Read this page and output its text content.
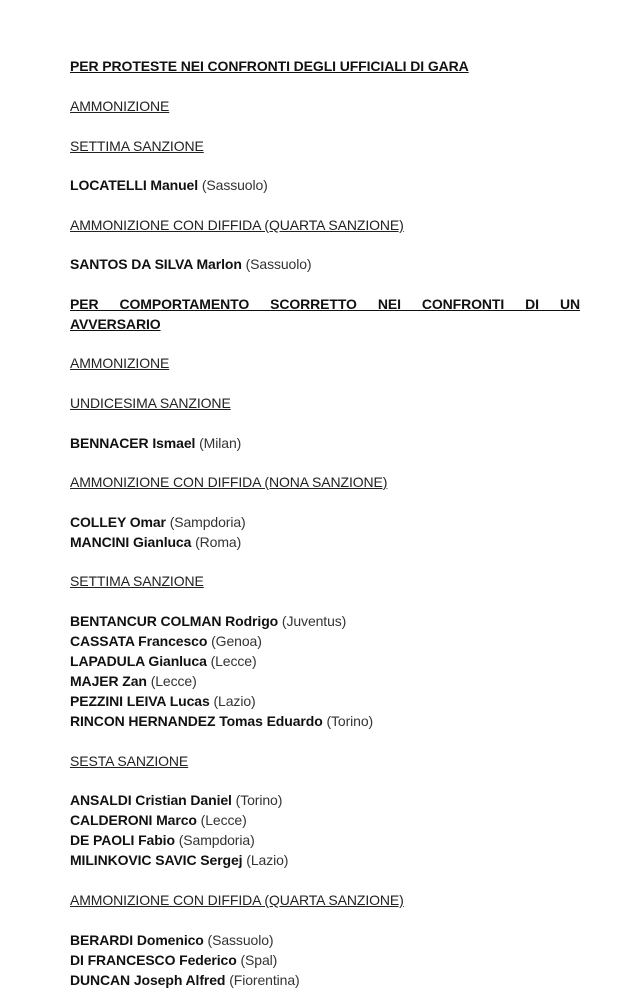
PER PROTESTE NEI CONFRONTI DEGLI UFFICIALI DI GARA
AMMONIZIONE
SETTIMA SANZIONE
LOCATELLI Manuel (Sassuolo)
AMMONIZIONE CON DIFFIDA (QUARTA SANZIONE)
SANTOS DA SILVA Marlon (Sassuolo)
PER COMPORTAMENTO SCORRETTO NEI CONFRONTI DI UN
AVVERSARIO
AMMONIZIONE
UNDICESIMA SANZIONE
BENNACER Ismael (Milan)
AMMONIZIONE CON DIFFIDA (NONA SANZIONE)
COLLEY Omar (Sampdoria)
MANCINI Gianluca (Roma)
SETTIMA SANZIONE
BENTANCUR COLMAN Rodrigo (Juventus)
CASSATA Francesco (Genoa)
LAPADULA Gianluca (Lecce)
MAJER Zan (Lecce)
PEZZINI LEIVA Lucas (Lazio)
RINCON HERNANDEZ Tomas Eduardo (Torino)
SESTA SANZIONE
ANSALDI Cristian Daniel (Torino)
CALDERONI Marco (Lecce)
DE PAOLI Fabio (Sampdoria)
MILINKOVIC SAVIC Sergej (Lazio)
AMMONIZIONE CON DIFFIDA (QUARTA SANZIONE)
BERARDI Domenico (Sassuolo)
DI FRANCESCO Federico (Spal)
DUNCAN Joseph Alfred (Fiorentina)
